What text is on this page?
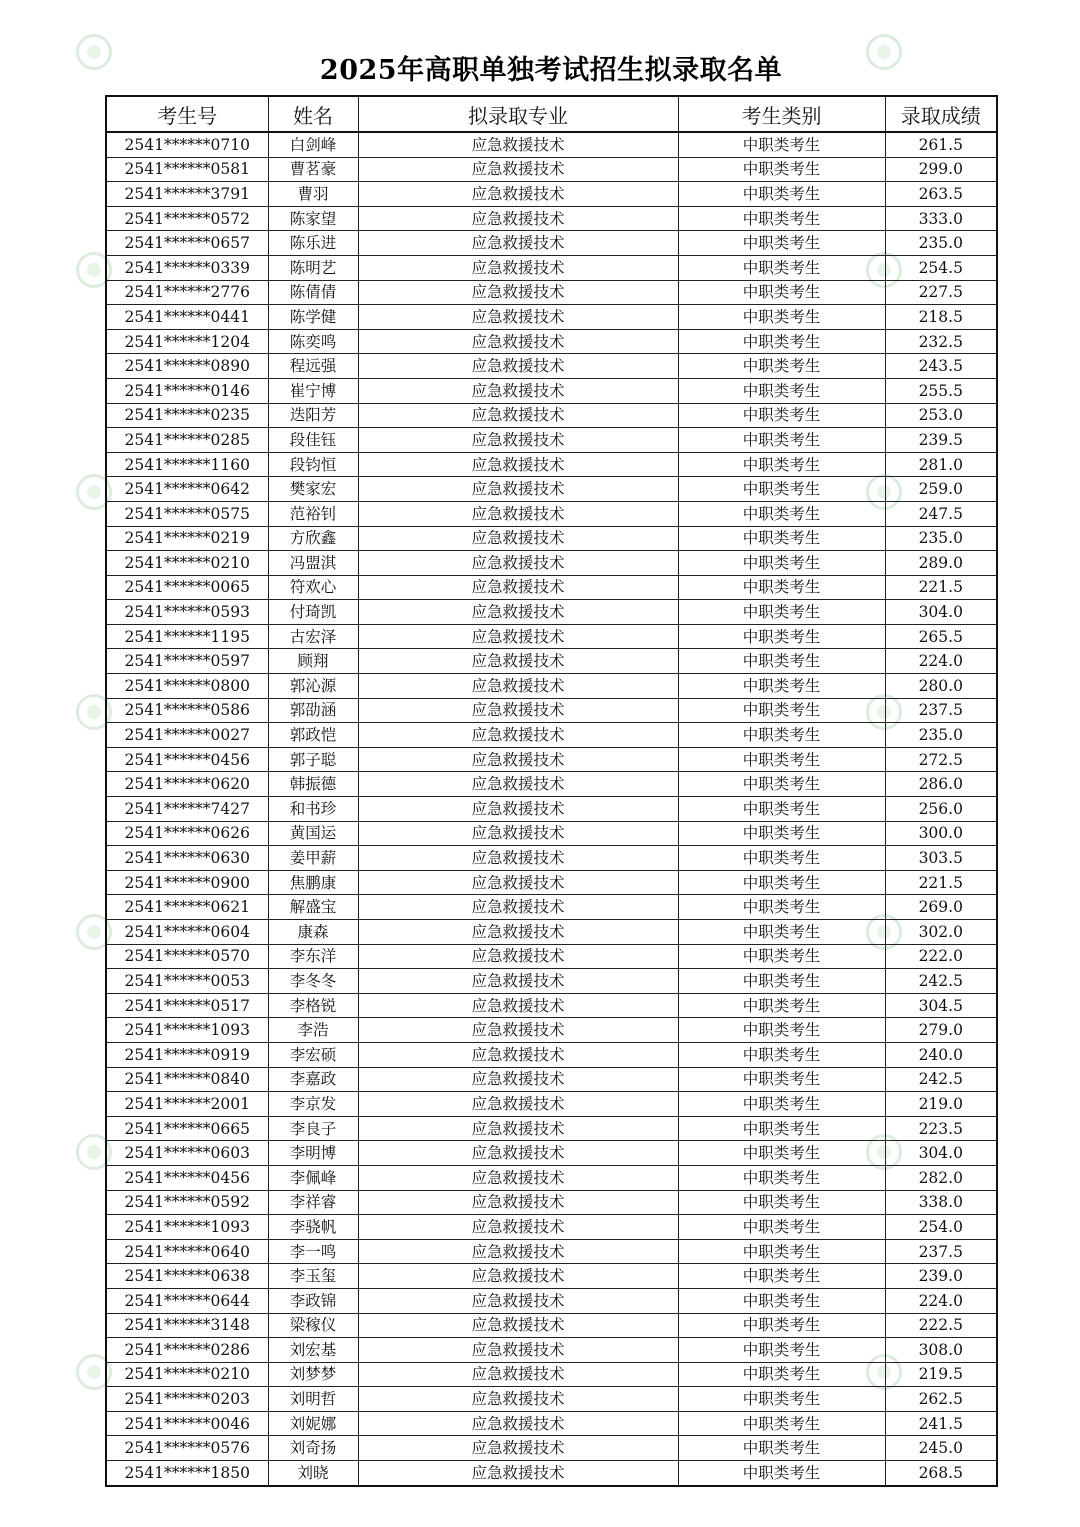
2025年高职单独考试招生拟录取名单
考生号	姓名	拟录取专业	考生类别	录取成绩
2541******0710	白剑峰	应急救援技术	中职类考生	261.5
2541******0581	曹茗豪	应急救援技术	中职类考生	299.0
2541******3791	曹羽	应急救援技术	中职类考生	263.5
2541******0572	陈家望	应急救援技术	中职类考生	333.0
2541******0657	陈乐进	应急救援技术	中职类考生	235.0
2541******0339	陈明艺	应急救援技术	中职类考生	254.5
2541******2776	陈倩倩	应急救援技术	中职类考生	227.5
2541******0441	陈学健	应急救援技术	中职类考生	218.5
2541******1204	陈奕鸣	应急救援技术	中职类考生	232.5
2541******0890	程远强	应急救援技术	中职类考生	243.5
2541******0146	崔宁博	应急救援技术	中职类考生	255.5
2541******0235	迭阳芳	应急救援技术	中职类考生	253.0
2541******0285	段佳钰	应急救援技术	中职类考生	239.5
2541******1160	段钧恒	应急救援技术	中职类考生	281.0
2541******0642	樊家宏	应急救援技术	中职类考生	259.0
2541******0575	范裕钊	应急救援技术	中职类考生	247.5
2541******0219	方欣鑫	应急救援技术	中职类考生	235.0
2541******0210	冯盟淇	应急救援技术	中职类考生	289.0
2541******0065	符欢心	应急救援技术	中职类考生	221.5
2541******0593	付琦凯	应急救援技术	中职类考生	304.0
2541******1195	古宏泽	应急救援技术	中职类考生	265.5
2541******0597	顾翔	应急救援技术	中职类考生	224.0
2541******0800	郭沁源	应急救援技术	中职类考生	280.0
2541******0586	郭劭涵	应急救援技术	中职类考生	237.5
2541******0027	郭政恺	应急救援技术	中职类考生	235.0
2541******0456	郭子聪	应急救援技术	中职类考生	272.5
2541******0620	韩振德	应急救援技术	中职类考生	286.0
2541******7427	和书珍	应急救援技术	中职类考生	256.0
2541******0626	黄国运	应急救援技术	中职类考生	300.0
2541******0630	姜甲薪	应急救援技术	中职类考生	303.5
2541******0900	焦鹏康	应急救援技术	中职类考生	221.5
2541******0621	解盛宝	应急救援技术	中职类考生	269.0
2541******0604	康森	应急救援技术	中职类考生	302.0
2541******0570	李东洋	应急救援技术	中职类考生	222.0
2541******0053	李冬冬	应急救援技术	中职类考生	242.5
2541******0517	李格锐	应急救援技术	中职类考生	304.5
2541******1093	李浩	应急救援技术	中职类考生	279.0
2541******0919	李宏硕	应急救援技术	中职类考生	240.0
2541******0840	李嘉政	应急救援技术	中职类考生	242.5
2541******2001	李京发	应急救援技术	中职类考生	219.0
2541******0665	李良子	应急救援技术	中职类考生	223.5
2541******0603	李明博	应急救援技术	中职类考生	304.0
2541******0456	李佩峰	应急救援技术	中职类考生	282.0
2541******0592	李祥睿	应急救援技术	中职类考生	338.0
2541******1093	李骁帆	应急救援技术	中职类考生	254.0
2541******0640	李一鸣	应急救援技术	中职类考生	237.5
2541******0638	李玉玺	应急救援技术	中职类考生	239.0
2541******0644	李政锦	应急救援技术	中职类考生	224.0
2541******3148	梁稼仪	应急救援技术	中职类考生	222.5
2541******0286	刘宏基	应急救援技术	中职类考生	308.0
2541******0210	刘梦梦	应急救援技术	中职类考生	219.5
2541******0203	刘明哲	应急救援技术	中职类考生	262.5
2541******0046	刘妮娜	应急救援技术	中职类考生	241.5
2541******0576	刘奇扬	应急救援技术	中职类考生	245.0
2541******1850	刘晓	应急救援技术	中职类考生	268.5
